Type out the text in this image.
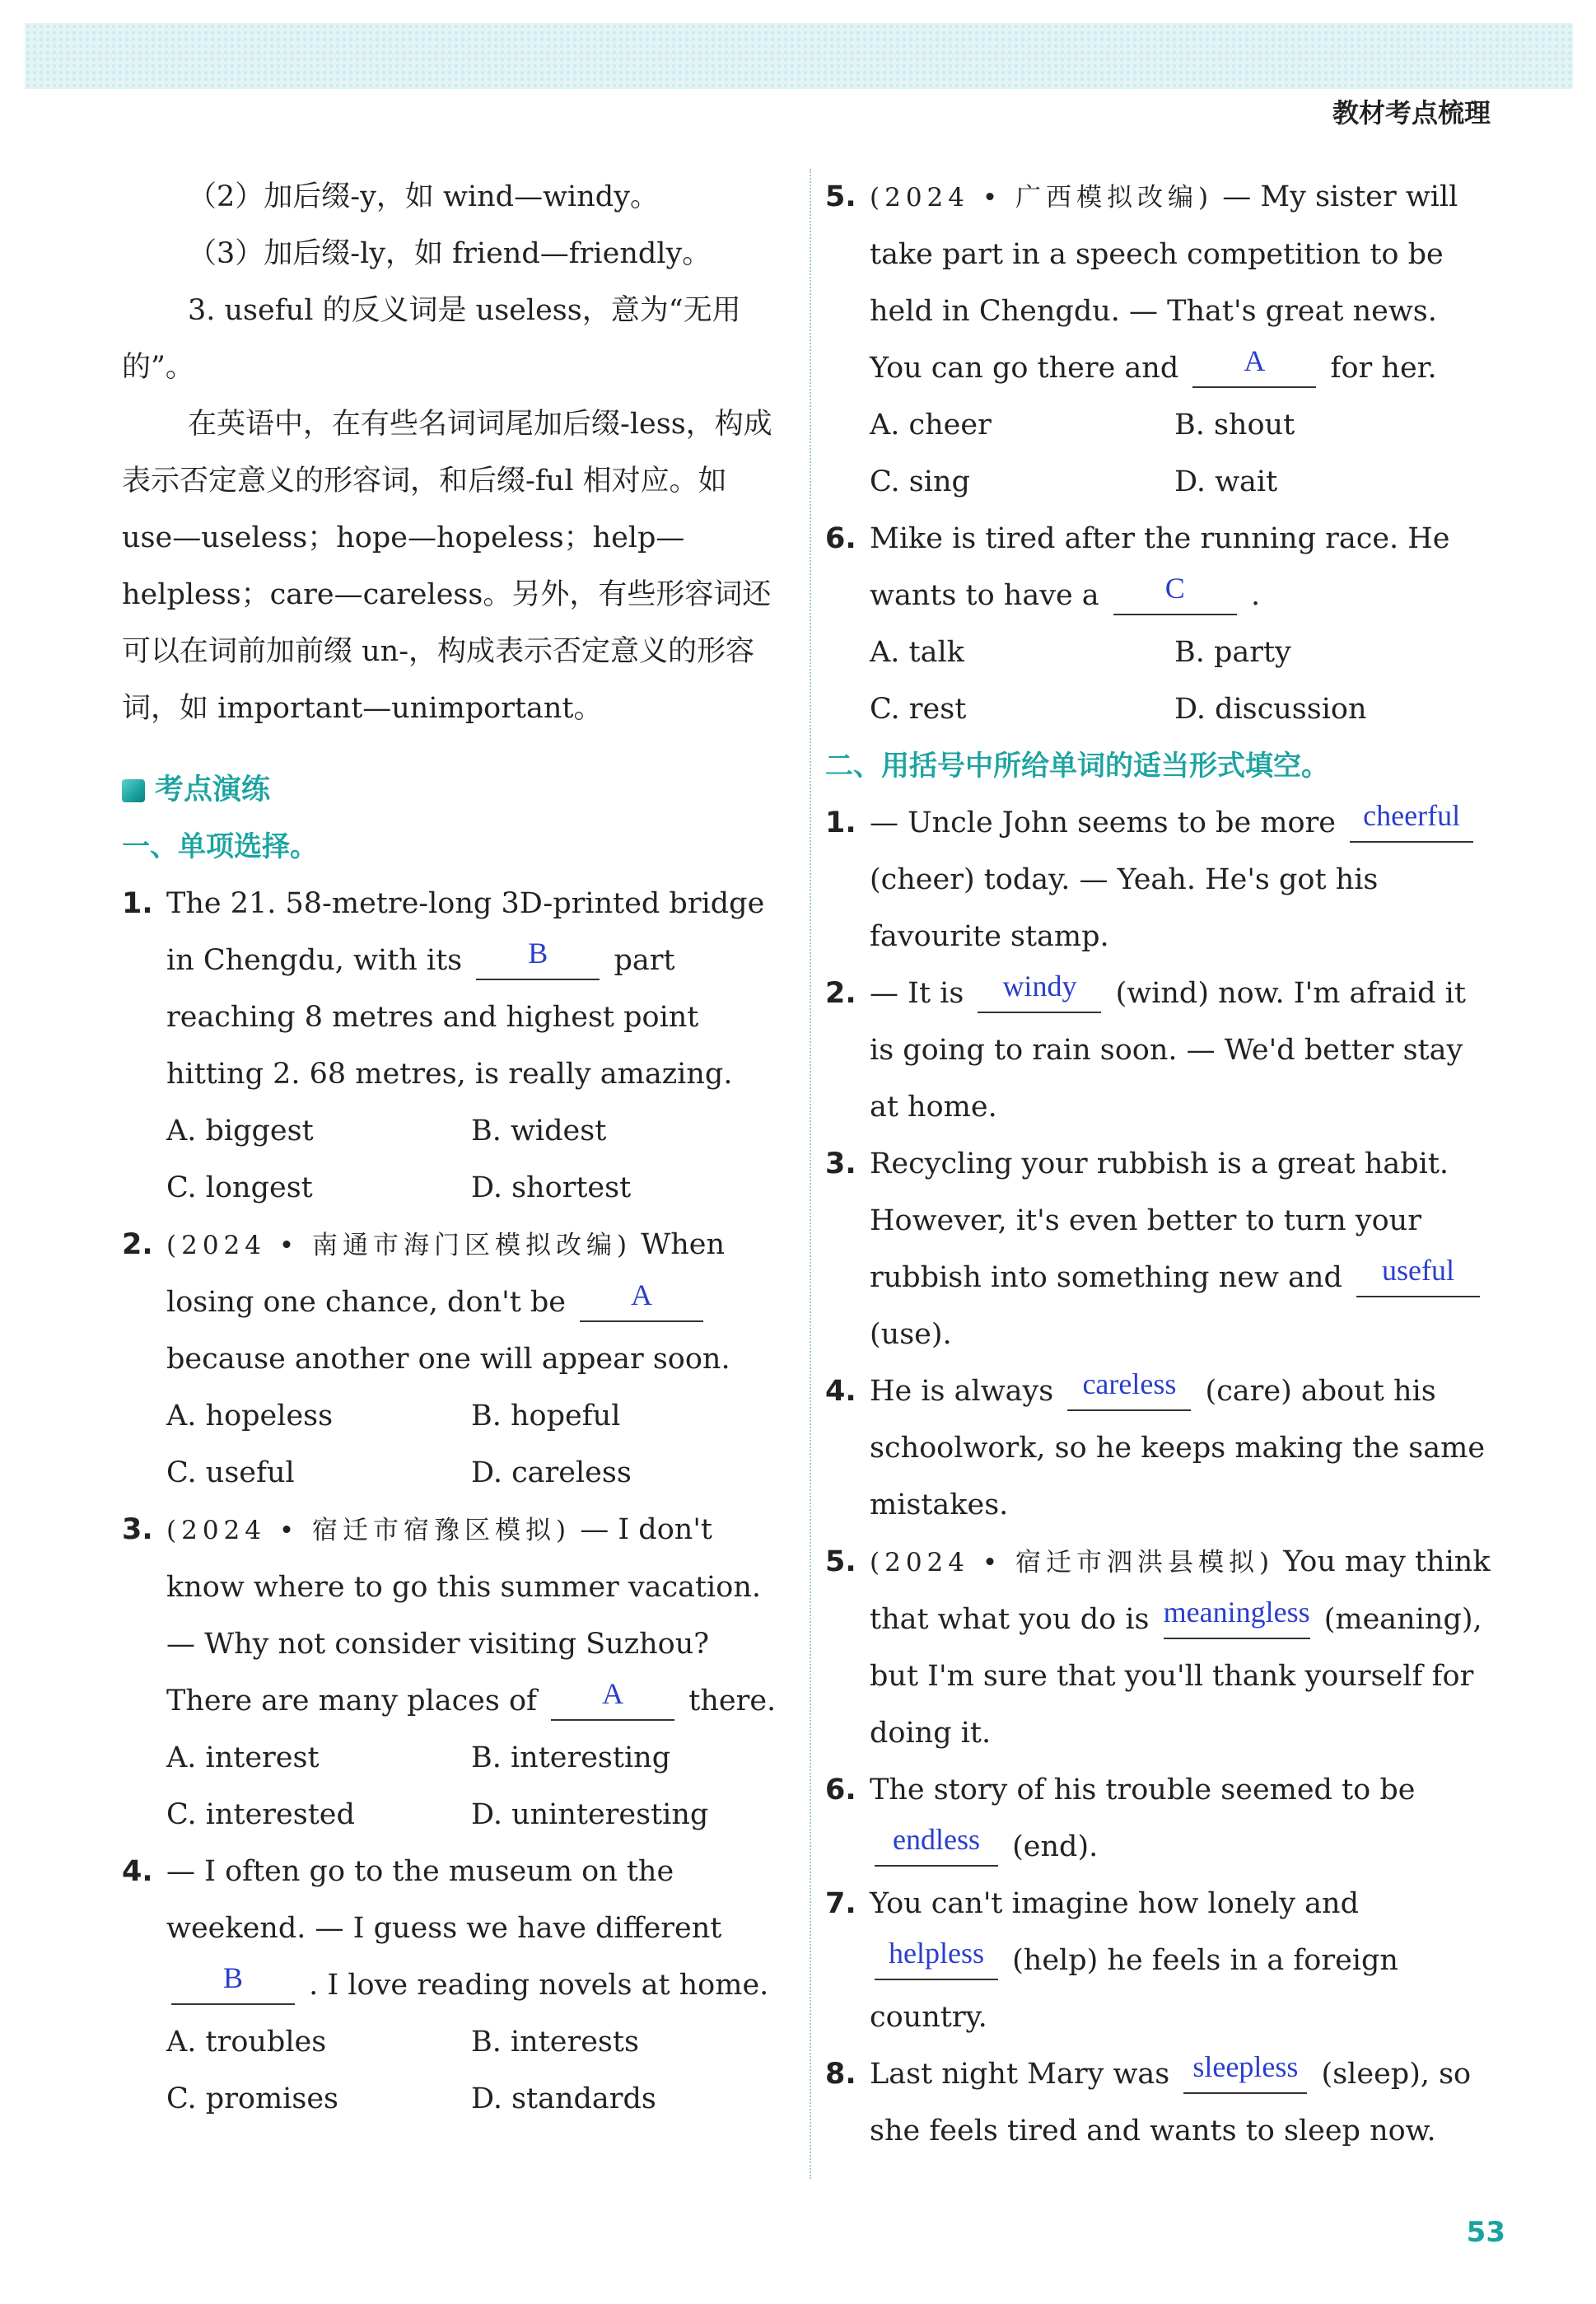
教材考点梳理

（2）加后缀-y，如 wind—windy。

（3）加后缀-ly，如 friend—friendly。

3. useful 的反义词是 useless，意为“无用的”。

在英语中，在有些名词词尾加后缀-less，构成表示否定意义的形容词，和后缀-ful 相对应。如 use—useless；hope—hopeless；help—helpless；care—careless。另外，有些形容词还可以在词前加前缀 un-，构成表示否定意义的形容词，如 important—unimportant。

考点演练
一、单项选择。
1. The 21. 58-metre-long 3D-printed bridge in Chengdu, with its B part reaching 8 metres and highest point hitting 2. 68 metres, is really amazing.
A. biggest	B. widest
C. longest	D. shortest
2. (2024 • 南通市海门区模拟改编) When losing one chance, don't be A because another one will appear soon.
A. hopeless	B. hopeful
C. useful	D. careless
3. (2024 • 宿迁市宿豫区模拟) — I don't know where to go this summer vacation. — Why not consider visiting Suzhou? There are many places of A there.
A. interest	B. interesting
C. interested	D. uninteresting
4. — I often go to the museum on the weekend. — I guess we have different B . I love reading novels at home.
A. troubles	B. interests
C. promises	D. standards
5. (2024 • 广西模拟改编) — My sister will take part in a speech competition to be held in Chengdu. — That's great news. You can go there and A for her.
A. cheer	B. shout
C. sing	D. wait
6. Mike is tired after the running race. He wants to have a C .
A. talk	B. party
C. rest	D. discussion
二、用括号中所给单词的适当形式填空。
1. — Uncle John seems to be more cheerful (cheer) today. — Yeah. He's got his favourite stamp.
2. — It is windy (wind) now. I'm afraid it is going to rain soon. — We'd better stay at home.
3. Recycling your rubbish is a great habit. However, it's even better to turn your rubbish into something new and useful (use).
4. He is always careless (care) about his schoolwork, so he keeps making the same mistakes.
5. (2024 • 宿迁市泗洪县模拟) You may think that what you do is meaningless (meaning), but I'm sure that you'll thank yourself for doing it.
6. The story of his trouble seemed to be endless (end).
7. You can't imagine how lonely and helpless (help) he feels in a foreign country.
8. Last night Mary was sleepless (sleep), so she feels tired and wants to sleep now.
53
